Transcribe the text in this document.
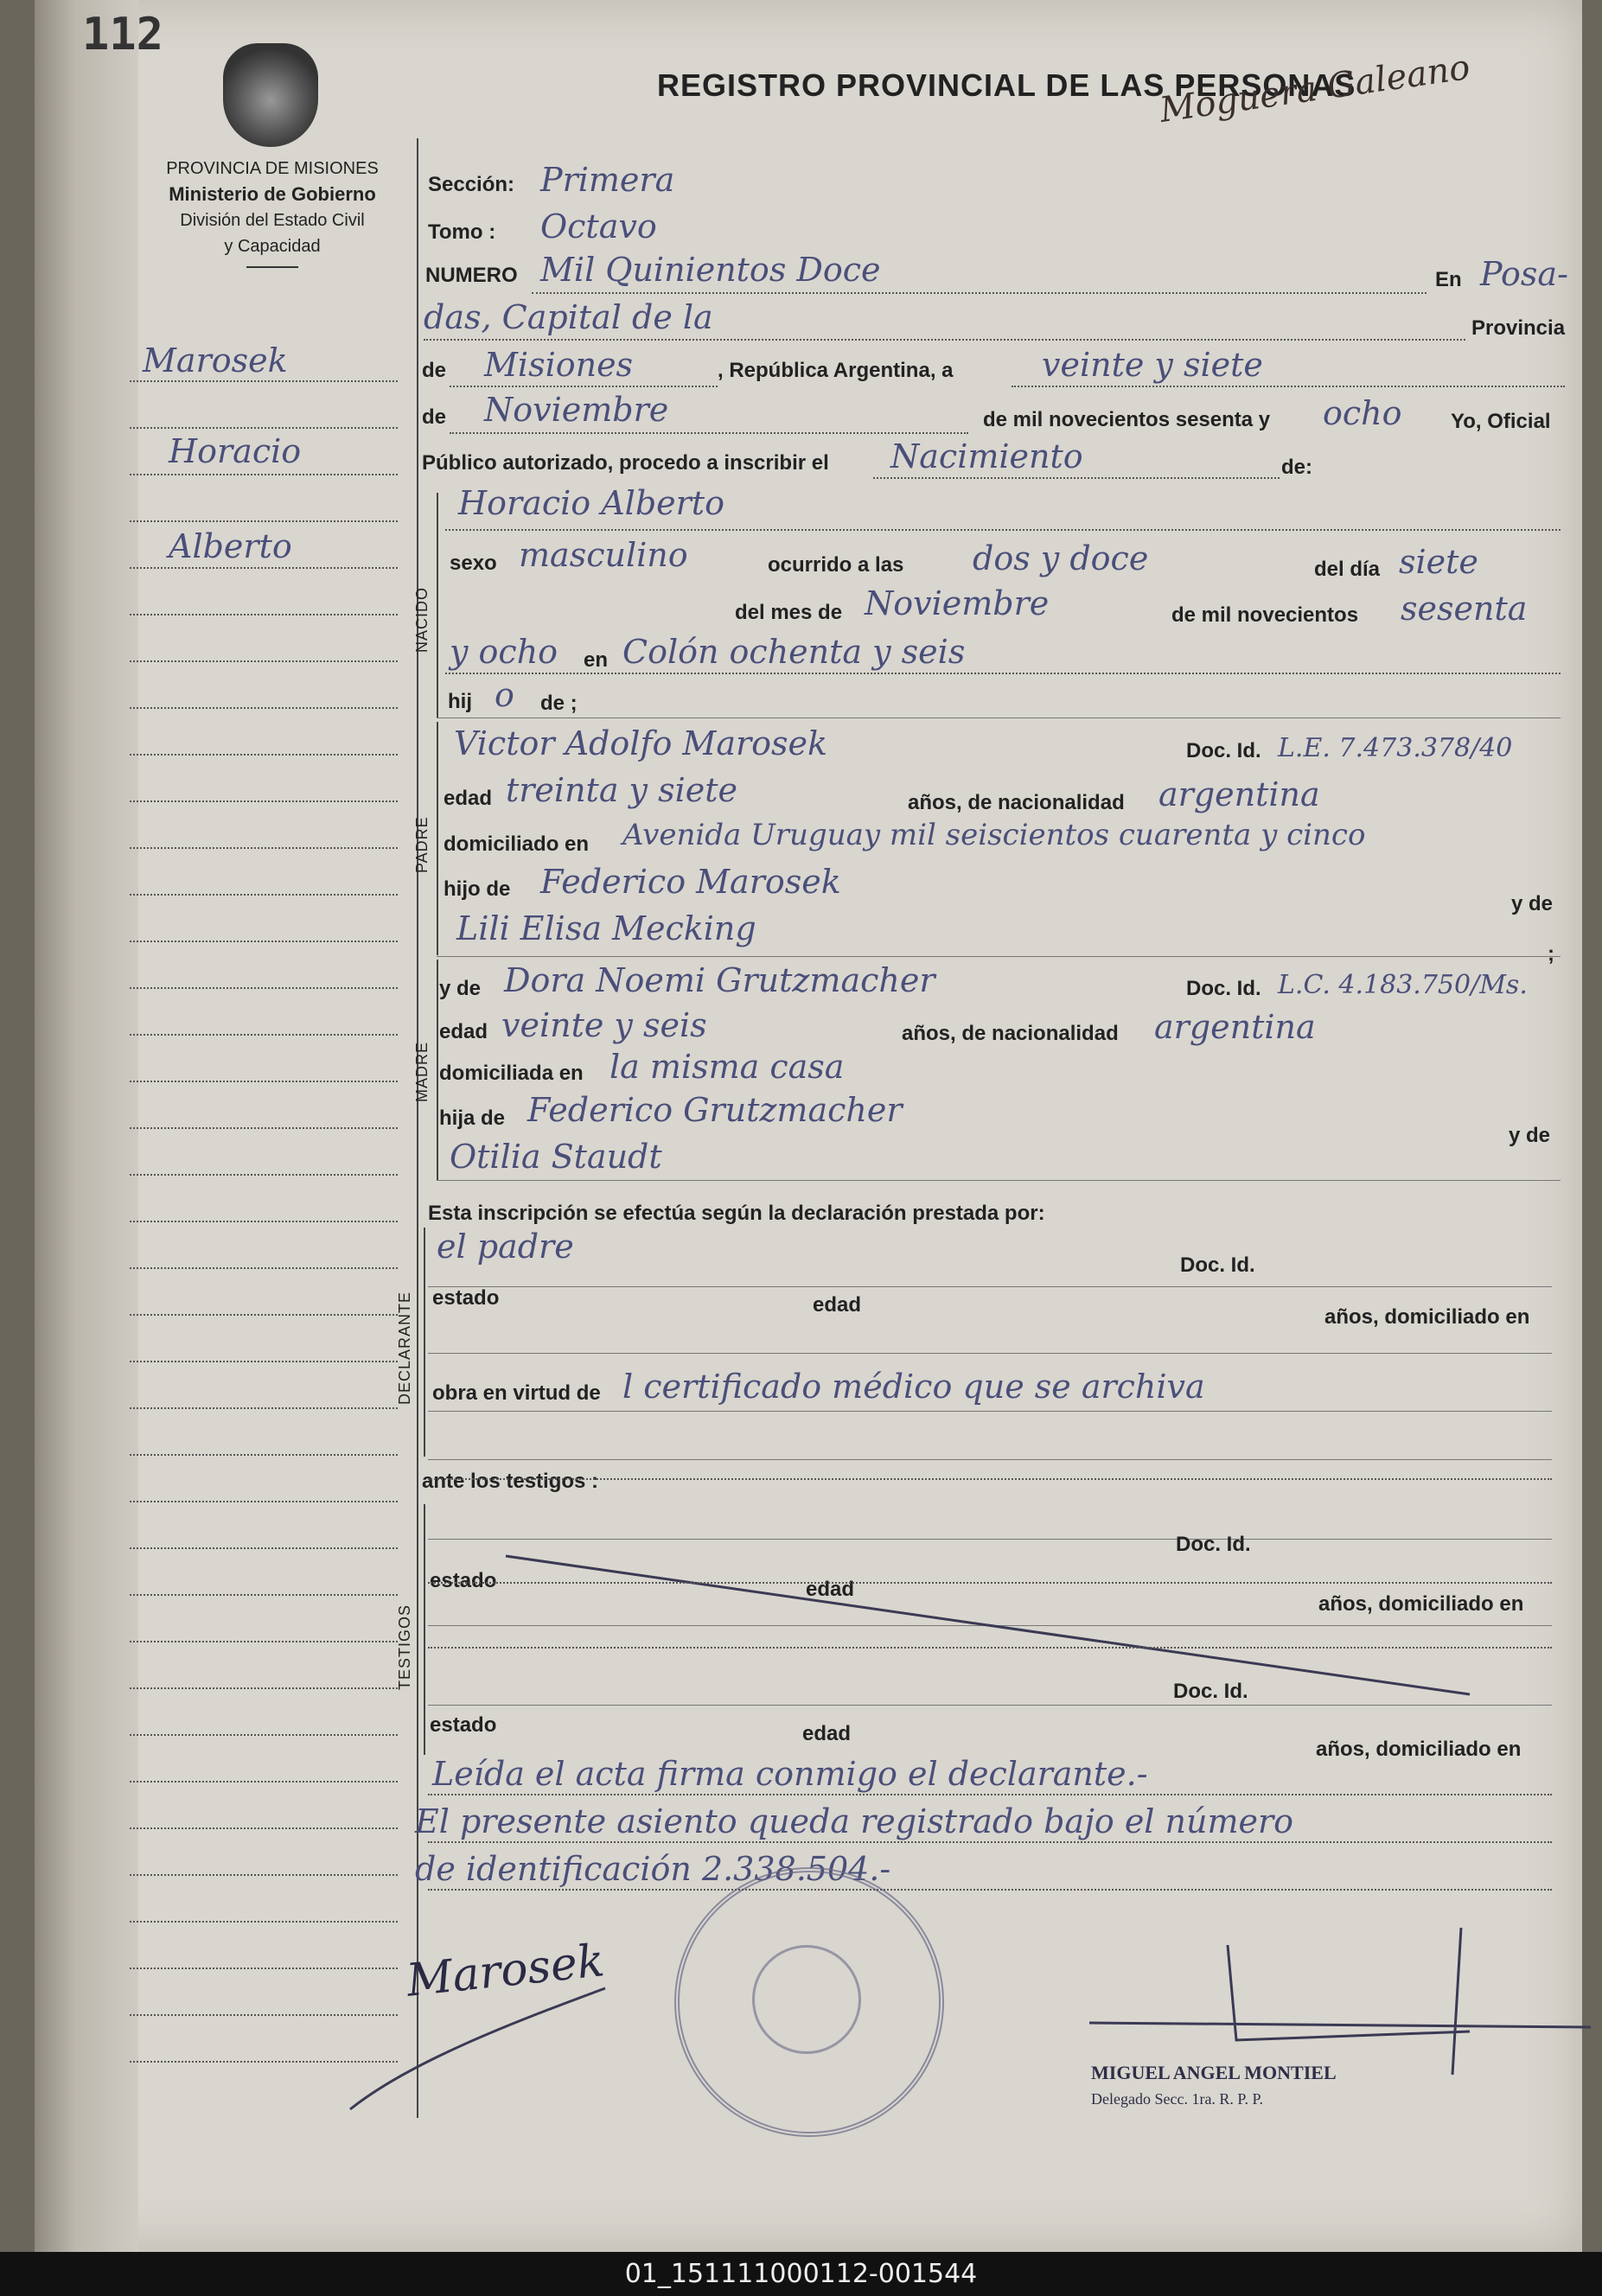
112
REGISTRO PROVINCIAL DE LAS PERSONAS
Moguera Galeano
PROVINCIA DE MISIONES
Ministerio de Gobierno
División del Estado Civil
y Capacidad
Marosek
Horacio
Alberto
Sección: Primera
Tomo : Octavo
NUMERO Mil Quinientos Doce	En Posa-
das, Capital de la	Provincia
de Misiones	, República Argentina, a	veinte y siete
de Noviembre	de mil novecientos sesenta y ocho Yo, Oficial
Público autorizado, procedo a inscribir el Nacimiento	de:
NACIDO
Horacio Alberto
sexo masculino	ocurrido a las dos y doce	del día siete
del mes de Noviembre	de mil novecientos sesenta
y ocho en Colón ochenta y seis
hij o de ;
PADRE
Victor Adolfo Marosek	Doc. Id. L.E. 7.473.378/40
edad treinta y siete	años, de nacionalidad argentina
domiciliado en Avenida Uruguay mil seiscientos cuarenta y cinco
hijo de Federico Marosek
y de
Lili Elisa Mecking
;
MADRE
y de Dora Noemi Grutzmacher	Doc. Id. L.C. 4.183.750/Ms.
edad veinte y seis	años, de nacionalidad argentina
domiciliada en la misma casa
hija de Federico Grutzmacher
y de
Otilia Staudt
Esta inscripción se efectúa según la declaración prestada por:
DECLARANTE
el padre	Doc. Id.
estado	edad
años, domiciliado en
obra en virtud de l certificado médico que se archiva
ante los testigos :
TESTIGOS
Doc. Id.
estado	edad
años, domiciliado en
Doc. Id.
estado	edad
años, domiciliado en
Leída el acta firma conmigo el declarante.-
El presente asiento queda registrado bajo el número
de identificación 2.338.504.-
Marosek
MIGUEL ANGEL MONTIEL
Delegado Secc. 1ra. R. P. P.
01_151111000112-001544
